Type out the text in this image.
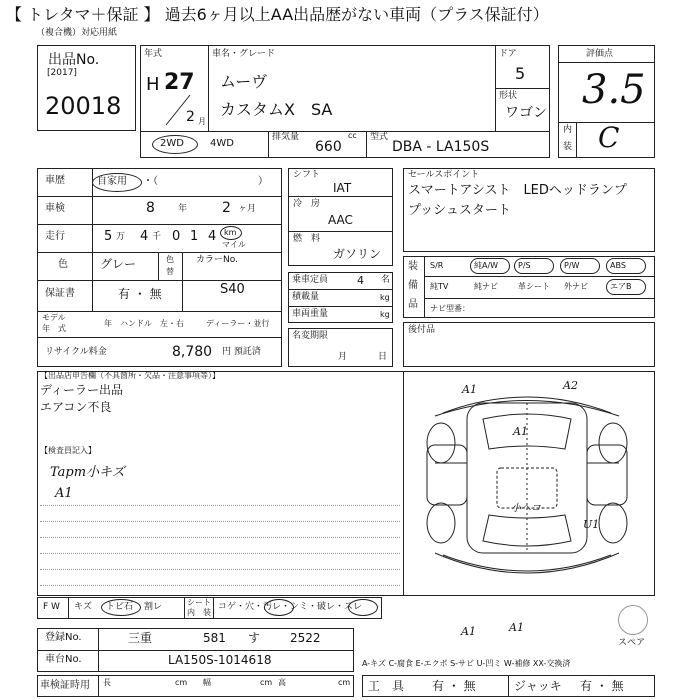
【 トレタマ＋保証 】 過去6ヶ月以上AA出品歴がない車両（プラス保証付）
（複合機）対応用紙
出品No.
[2017]
20018
年式
H 27
2 月
車名・グレード
ムーヴ
カスタムX　SA
ドア
5
形状
ワゴン
2WD	4WD
排気量	cc
660
型式
DBA - LA150S
評価点
3.5
内
装 C
車歴	自家用 ・（　　　　　　　　　　）
車検	8	年 2 ヶ月
走行	5 万 4 千 0 1 4 km
マイル
色	グレー	色
替
カラーNo.
S40
保証書	有 ・ 無
モデル
年　式
年 ハンドル　左・右	ディーラー・並行
リサイクル料金	8,780 円 預託済
シフト
IAT
冷　房
AAC
燃　料
ガソリン
乗車定員	4 名
積載量	kg
車両重量	kg
名変期限
月	日
セールスポイント
スマートアシスト　LEDヘッドランプ
プッシュスタート
装
備
品
S/R	純A/W P/S	P/W	ABS
純TV	純ナビ	革シート 外ナビ	エアB
ナビ型番：
後付品
【出品店申告欄（不具箇所・欠品・注意事項等）】
ディーラー出品
エアコン不良
【検査員記入】
Tapm小キズ
A1
A1	A2
A1
小ヘコ
U1
A1	A1
F W キズ トビ石 割レ	シート
内　装
コゲ・穴・汚レ・シミ・破レ・スレ
スペア
登録No.	三重	581 す 2522
車台No.	LA150S-1014618	A-キズ C-腐食 E-エクボ S-サビ U-凹ミ W-補修 XX-交換済
車検証時用 長	cm 幅	cm 高	cm 工　具 有 ・ 無	ジャッキ 有 ・ 無
